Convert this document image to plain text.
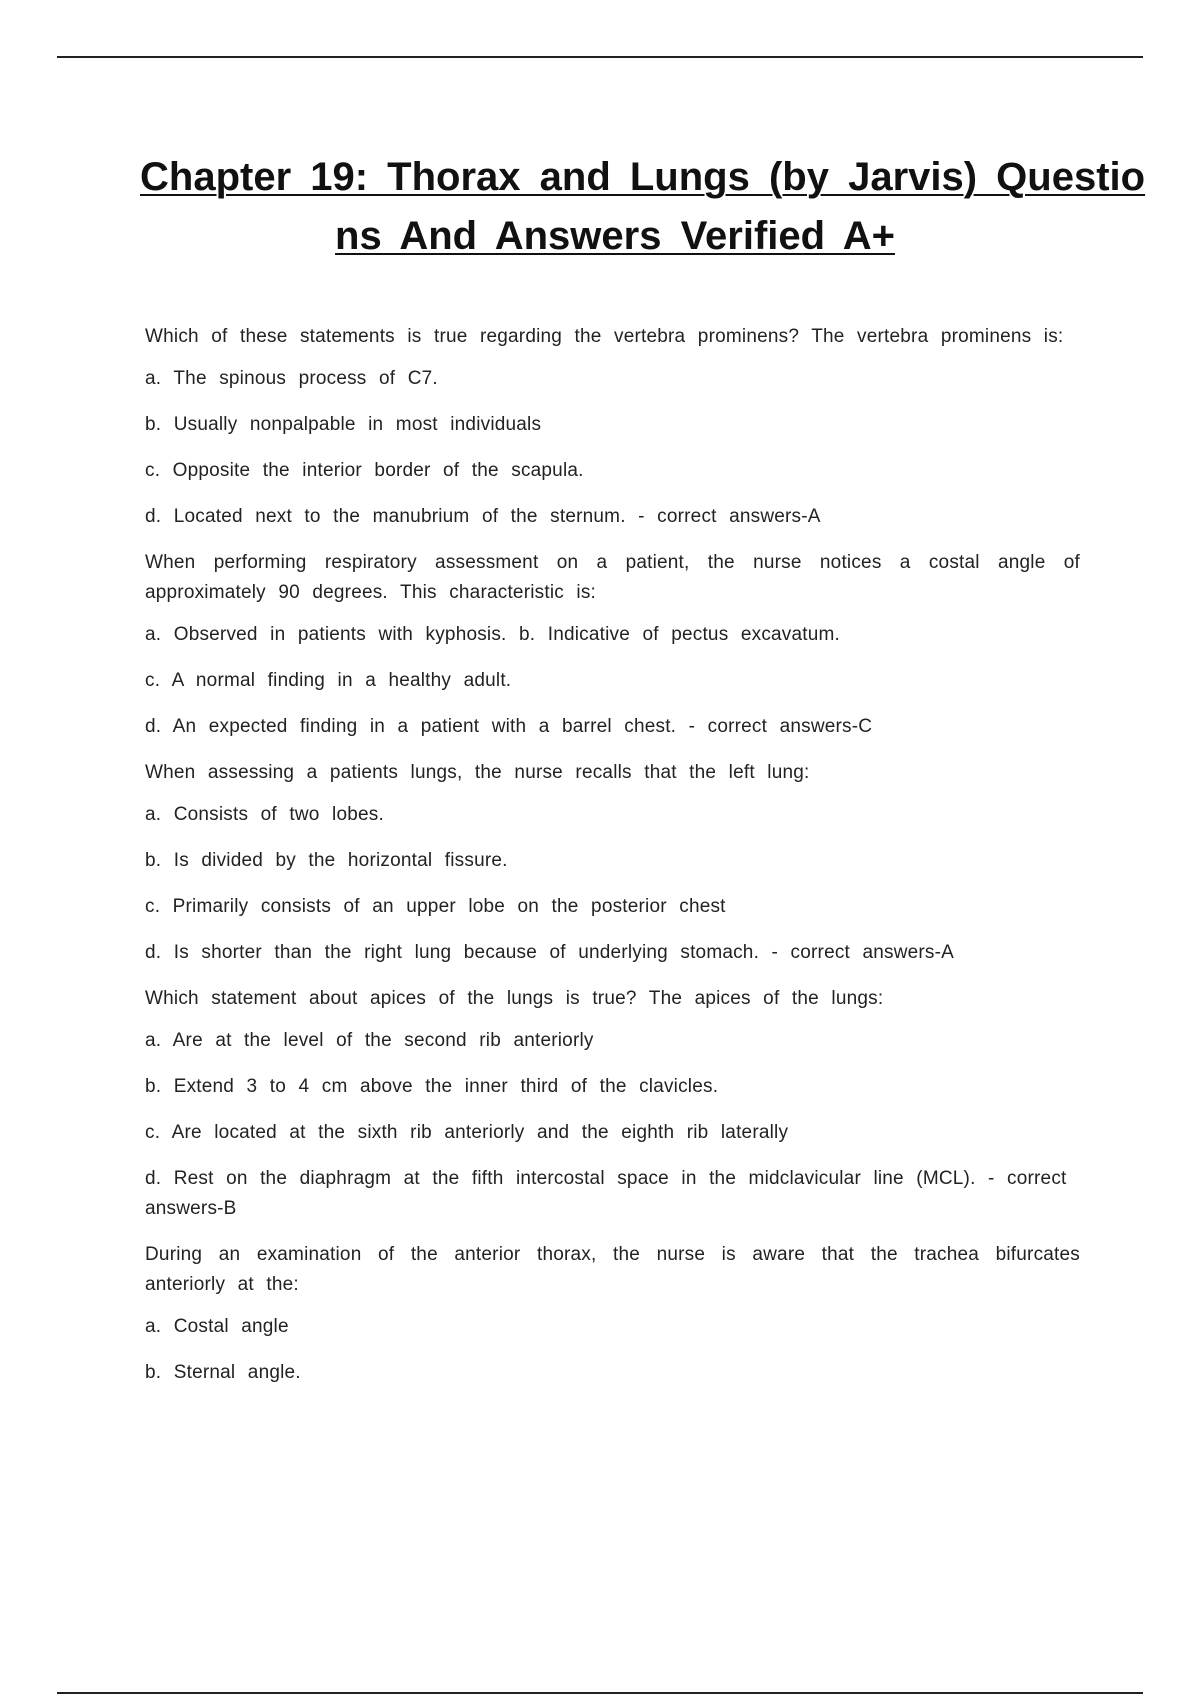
Chapter 19: Thorax and Lungs (by Jarvis) Questio
ns And Answers Verified A+

Which of these statements is true regarding the vertebra prominens? The vertebra prominens is:

a. The spinous process of C7.

b. Usually nonpalpable in most individuals

c. Opposite the interior border of the scapula.

d. Located next to the manubrium of the sternum. - correct answers-A

When performing respiratory assessment on a patient, the nurse notices a costal angle of approximately 90 degrees. This characteristic is:

a. Observed in patients with kyphosis. b. Indicative of pectus excavatum.

c. A normal finding in a healthy adult.

d. An expected finding in a patient with a barrel chest. - correct answers-C

When assessing a patients lungs, the nurse recalls that the left lung:

a. Consists of two lobes.

b. Is divided by the horizontal fissure.

c. Primarily consists of an upper lobe on the posterior chest

d. Is shorter than the right lung because of underlying stomach. - correct answers-A

Which statement about apices of the lungs is true? The apices of the lungs:

a. Are at the level of the second rib anteriorly

b. Extend 3 to 4 cm above the inner third of the clavicles.

c. Are located at the sixth rib anteriorly and the eighth rib laterally

d. Rest on the diaphragm at the fifth intercostal space in the midclavicular line (MCL). - correct answers-B

During an examination of the anterior thorax, the nurse is aware that the trachea bifurcates anteriorly at the:

a. Costal angle

b. Sternal angle.
